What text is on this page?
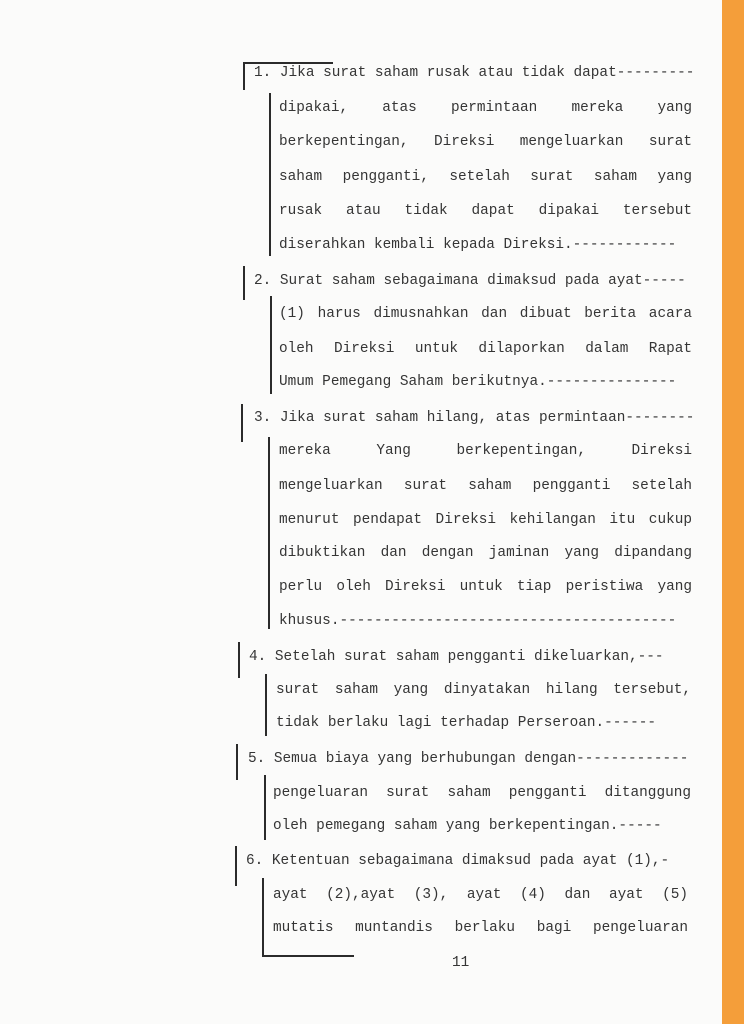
1. Jika surat saham rusak atau tidak dapat---------
dipakai, atas permintaan mereka yang
berkepentingan, Direksi mengeluarkan surat
saham pengganti, setelah surat saham yang
rusak atau tidak dapat dipakai tersebut
diserahkan kembali kepada Direksi.------------
2. Surat saham sebagaimana dimaksud pada ayat-----
(1) harus dimusnahkan dan dibuat berita acara
oleh Direksi untuk dilaporkan dalam Rapat
Umum Pemegang Saham berikutnya.---------------
3. Jika surat saham hilang, atas permintaan--------
mereka Yang berkepentingan, Direksi
mengeluarkan surat saham pengganti setelah
menurut pendapat Direksi kehilangan itu cukup
dibuktikan dan dengan jaminan yang dipandang
perlu oleh Direksi untuk tiap peristiwa yang
khusus.---------------------------------------
4. Setelah surat saham pengganti dikeluarkan,---
surat saham yang dinyatakan hilang tersebut,
tidak berlaku lagi terhadap Perseroan.------
5. Semua biaya yang berhubungan dengan-------------
pengeluaran surat saham pengganti ditanggung
oleh pemegang saham yang berkepentingan.-----
6. Ketentuan sebagaimana dimaksud pada ayat (1),-
ayat (2),ayat (3), ayat (4) dan ayat (5)
mutatis muntandis berlaku bagi pengeluaran
11
